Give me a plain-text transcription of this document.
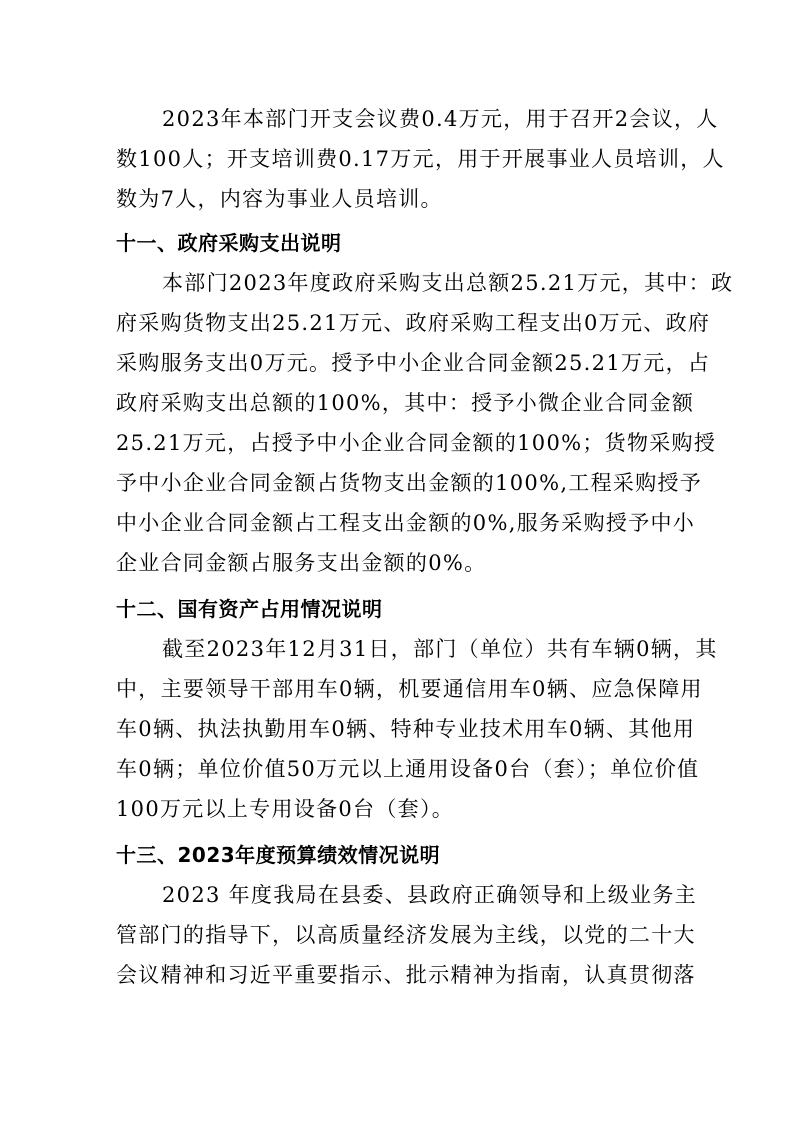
2023年本部门开支会议费0.4万元，用于召开2会议，人
数100人；开支培训费0.17万元，用于开展事业人员培训，人
数为7人，内容为事业人员培训。
十一、政府采购支出说明
本部门2023年度政府采购支出总额25.21万元，其中：政
府采购货物支出25.21万元、政府采购工程支出0万元、政府
采购服务支出0万元。授予中小企业合同金额25.21万元，占
政府采购支出总额的100%，其中：授予小微企业合同金额
25.21万元，占授予中小企业合同金额的100%；货物采购授
予中小企业合同金额占货物支出金额的100%,工程采购授予
中小企业合同金额占工程支出金额的0%,服务采购授予中小
企业合同金额占服务支出金额的0%。
十二、国有资产占用情况说明
截至2023年12月31日，部门（单位）共有车辆0辆，其
中，主要领导干部用车0辆，机要通信用车0辆、应急保障用
车0辆、执法执勤用车0辆、特种专业技术用车0辆、其他用
车0辆；单位价值50万元以上通用设备0台（套）；单位价值
100万元以上专用设备0台（套）。
十三、2023年度预算绩效情况说明
2023 年度我局在县委、县政府正确领导和上级业务主
管部门的指导下，以高质量经济发展为主线，以党的二十大
会议精神和习近平重要指示、批示精神为指南，认真贯彻落
